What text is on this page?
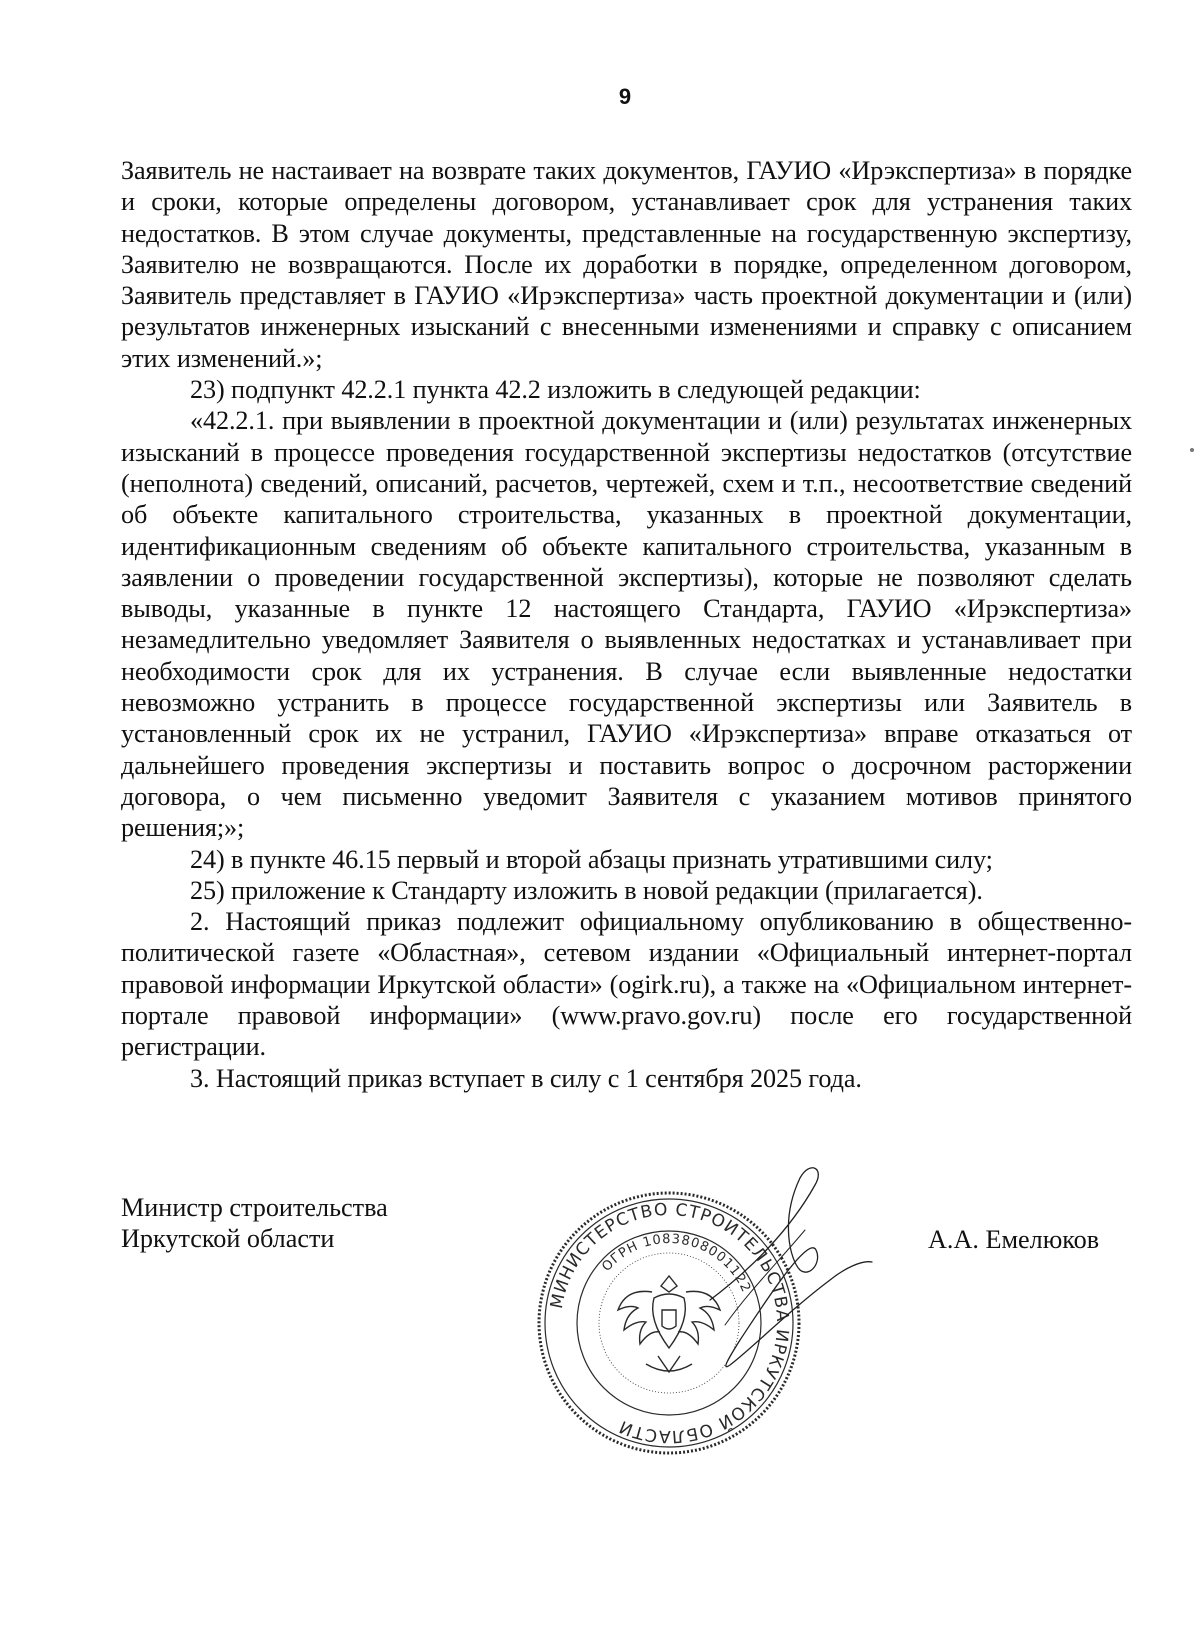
9

Заявитель не настаивает на возврате таких документов, ГАУИО «Ирэкспертиза» в порядке и сроки, которые определены договором, устанавливает срок для устранения таких недостатков. В этом случае документы, представленные на государственную экспертизу, Заявителю не возвращаются. После их доработки в порядке, определенном договором, Заявитель представляет в ГАУИО «Ирэкспертиза» часть проектной документации и (или) результатов инженерных изысканий с внесенными изменениями и справку с описанием этих изменений.»;

23) подпункт 42.2.1 пункта 42.2 изложить в следующей редакции:

«42.2.1. при выявлении в проектной документации и (или) результатах инженерных изысканий в процессе проведения государственной экспертизы недостатков (отсутствие (неполнота) сведений, описаний, расчетов, чертежей, схем и т.п., несоответствие сведений об объекте капитального строительства, указанных в проектной документации, идентификационным сведениям об объекте капитального строительства, указанным в заявлении о проведении государственной экспертизы), которые не позволяют сделать выводы, указанные в пункте 12 настоящего Стандарта, ГАУИО «Ирэкспертиза» незамедлительно уведомляет Заявителя о выявленных недостатках и устанавливает при необходимости срок для их устранения. В случае если выявленные недостатки невозможно устранить в процессе государственной экспертизы или Заявитель в установленный срок их не устранил, ГАУИО «Ирэкспертиза» вправе отказаться от дальнейшего проведения экспертизы и поставить вопрос о досрочном расторжении договора, о чем письменно уведомит Заявителя с указанием мотивов принятого решения;»;

24) в пункте 46.15 первый и второй абзацы признать утратившими силу;

25) приложение к Стандарту изложить в новой редакции (прилагается).

2. Настоящий приказ подлежит официальному опубликованию в общественно-политической газете «Областная», сетевом издании «Официальный интернет-портал правовой информации Иркутской области» (ogirk.ru), а также на «Официальном интернет-портале правовой информации» (www.pravo.gov.ru) после его государственной регистрации.

3. Настоящий приказ вступает в силу с 1 сентября 2025 года.

Министр строительства
Иркутской области	А.А. Емелюков
МИНИСТЕРСТВО СТРОИТЕЛЬСТВА ИРКУТСКОЙ ОБЛАСТИ
ОГРН 1083808001122
